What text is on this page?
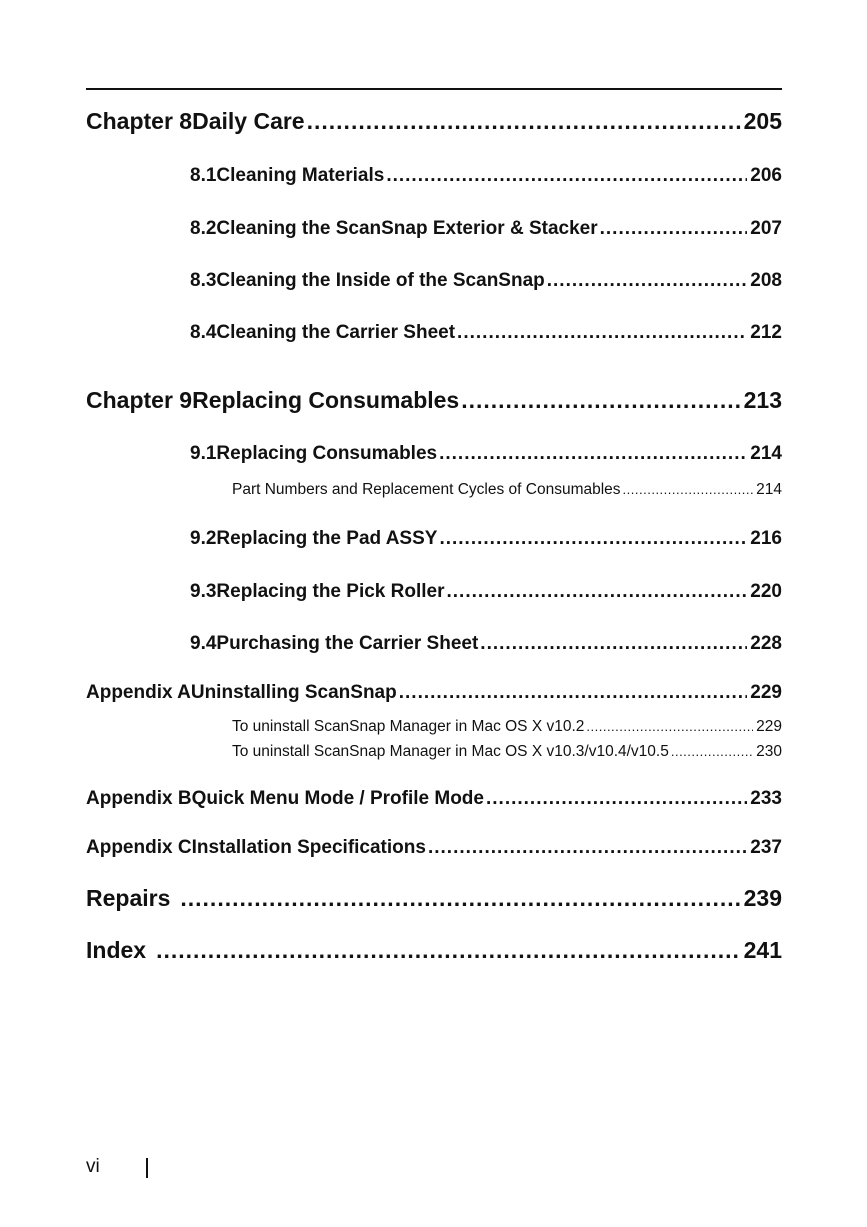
Chapter 8 Daily Care .....	205
8.1 Cleaning Materials .....	206
8.2 Cleaning the ScanSnap Exterior & Stacker .....	207
8.3 Cleaning the Inside of the ScanSnap .....	208
8.4 Cleaning the Carrier Sheet .....	212
Chapter 9 Replacing Consumables .....	213
9.1 Replacing Consumables .....	214
Part Numbers and Replacement Cycles of Consumables .....	214
9.2 Replacing the Pad ASSY .....	216
9.3 Replacing the Pick Roller .....	220
9.4 Purchasing the Carrier Sheet .....	228
Appendix A Uninstalling ScanSnap .....	229
To uninstall ScanSnap Manager in Mac OS X v10.2 .....	229
To uninstall ScanSnap Manager in Mac OS X v10.3/v10.4/v10.5 .....	230
Appendix B Quick Menu Mode / Profile Mode .....	233
Appendix C Installation Specifications .....	237
Repairs .....	239
Index .....	241
vi
